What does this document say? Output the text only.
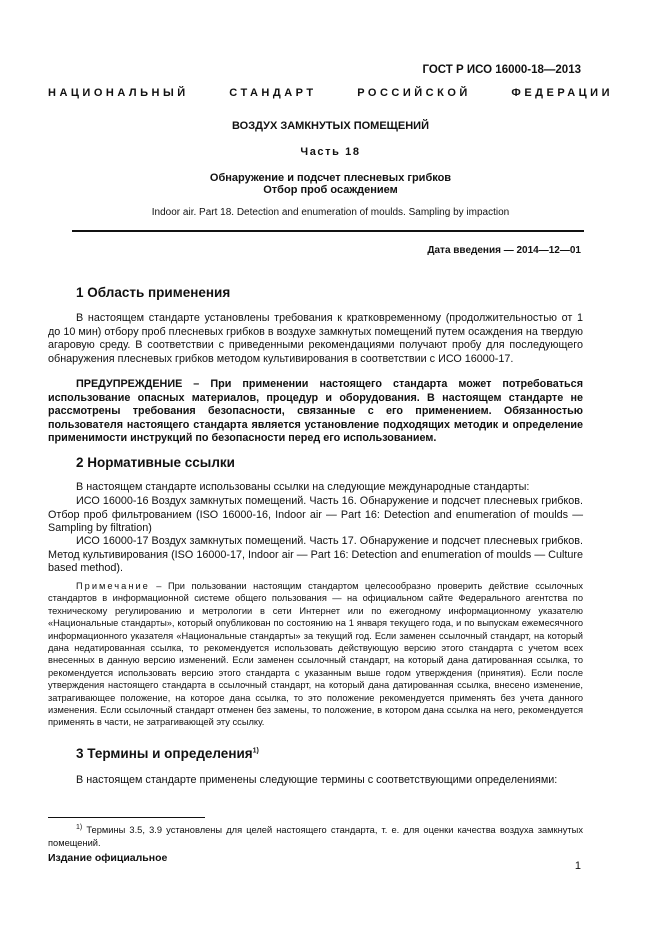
ГОСТ Р ИСО 16000-18—2013
НАЦИОНАЛЬНЫЙ СТАНДАРТ РОССИЙСКОЙ ФЕДЕРАЦИИ
ВОЗДУХ ЗАМКНУТЫХ ПОМЕЩЕНИЙ
Часть 18
Обнаружение и подсчет плесневых грибков
Отбор проб осаждением
Indoor air. Part 18. Detection and enumeration of moulds. Sampling by impaction
Дата введения — 2014—12—01
1 Область применения

В настоящем стандарте установлены требования к кратковременному (продолжительностью от 1 до 10 мин) отбору проб плесневых грибков в воздухе замкнутых помещений путем осаждения на твердую агаровую среду. В соответствии с приведенными рекомендациями получают пробу для последующего обнаружения плесневых грибков методом культивирования в соответствии с ИСО 16000-17.

ПРЕДУПРЕЖДЕНИЕ – При применении настоящего стандарта может потребоваться использование опасных материалов, процедур и оборудования. В настоящем стандарте не рассмотрены требования безопасности, связанные с его применением. Обязанностью пользователя настоящего стандарта является установление подходящих методик и определение применимости инструкций по безопасности перед его использованием.

2 Нормативные ссылки

В настоящем стандарте использованы ссылки на следующие международные стандарты:

ИСО 16000-16 Воздух замкнутых помещений. Часть 16. Обнаружение и подсчет плесневых грибков. Отбор проб фильтрованием (ISO 16000-16, Indoor air — Part 16: Detection and enumeration of moulds — Sampling by filtration)

ИСО 16000-17 Воздух замкнутых помещений. Часть 17. Обнаружение и подсчет плесневых грибков. Метод культивирования (ISO 16000-17, Indoor air — Part 16: Detection and enumeration of moulds — Culture based method).

Примечание – При пользовании настоящим стандартом целесообразно проверить действие ссылочных стандартов в информационной системе общего пользования — на официальном сайте Федерального агентства по техническому регулированию и метрологии в сети Интернет или по ежегодному информационному указателю «Национальные стандарты», который опубликован по состоянию на 1 января текущего года, и по выпускам ежемесячного информационного указателя «Национальные стандарты» за текущий год. Если заменен ссылочный стандарт, на который дана недатированная ссылка, то рекомендуется использовать действующую версию этого стандарта с учетом всех внесенных в данную версию изменений. Если заменен ссылочный стандарт, на который дана датированная ссылка, то рекомендуется использовать версию этого стандарта с указанным выше годом утверждения (принятия). Если после утверждения настоящего стандарта в ссылочный стандарт, на который дана датированная ссылка, внесено изменение, затрагивающее положение, на которое дана ссылка, то это положение рекомендуется применять без учета данного изменения. Если ссылочный стандарт отменен без замены, то положение, в котором дана ссылка на него, рекомендуется применять в части, не затрагивающей эту ссылку.

3 Термины и определения$^{1)}$

В настоящем стандарте применены следующие термины с соответствующими определениями:

$^{1)}$ Термины 3.5, 3.9 установлены для целей настоящего стандарта, т. е. для оценки качества воздуха замкнутых помещений.

Издание официальное
1
